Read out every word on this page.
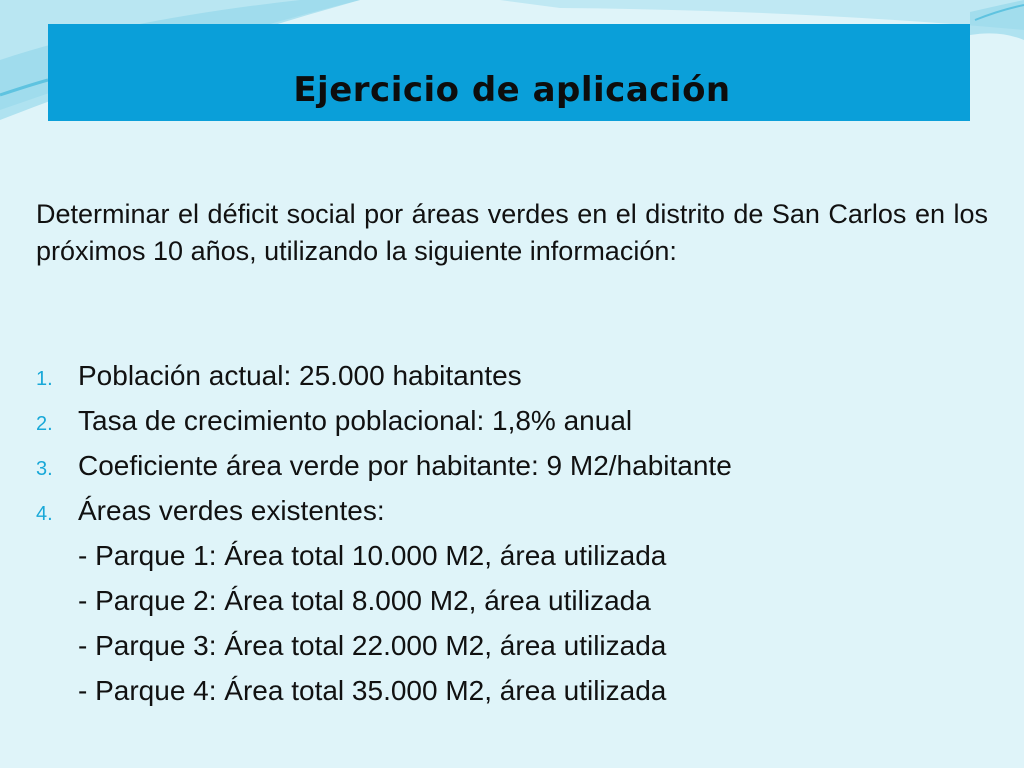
Ejercicio de aplicación
Determinar el déficit social por áreas verdes en el distrito de San Carlos en los próximos 10 años, utilizando la siguiente información:
1. Población actual: 25.000 habitantes
2. Tasa de crecimiento poblacional: 1,8% anual
3. Coeficiente área verde por habitante: 9 M2/habitante
4. Áreas verdes existentes:
- Parque 1: Área total 10.000 M2, área utilizada
- Parque 2: Área total 8.000 M2, área utilizada
- Parque 3: Área total 22.000 M2, área utilizada
- Parque 4: Área total 35.000 M2, área utilizada
